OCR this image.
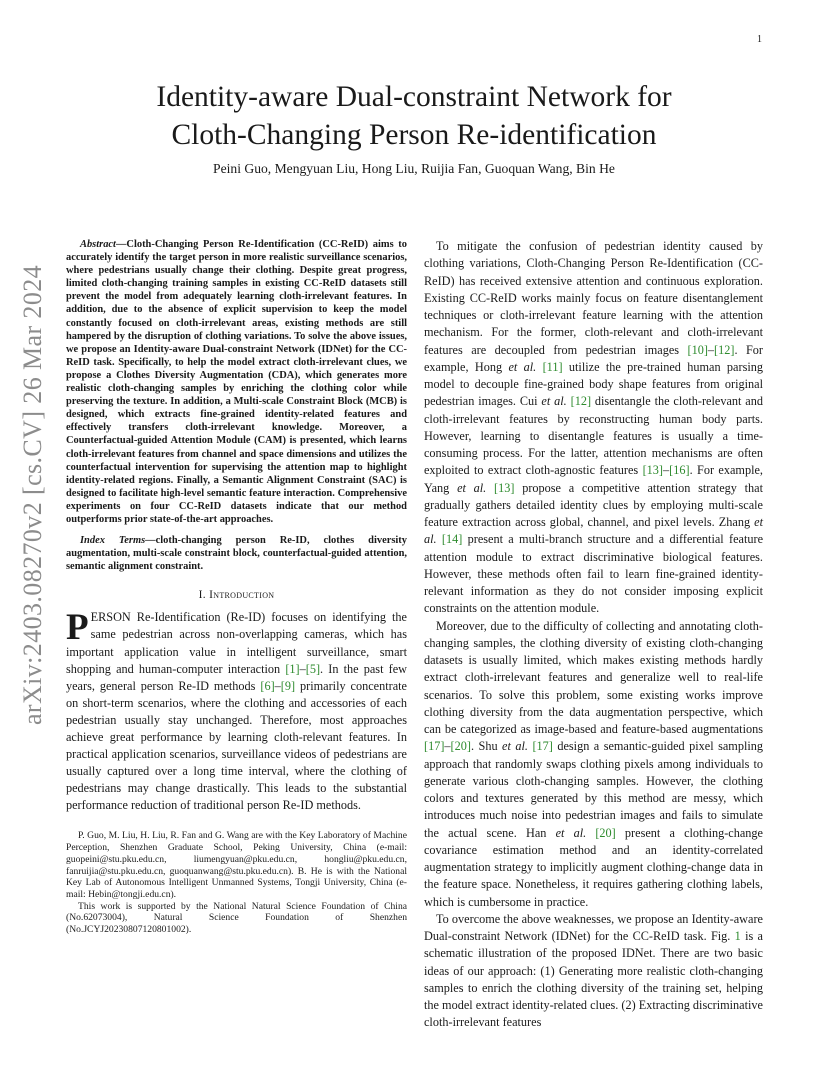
1
Identity-aware Dual-constraint Network for
Cloth-Changing Person Re-identification
Peini Guo, Mengyuan Liu, Hong Liu, Ruijia Fan, Guoquan Wang, Bin He
arXiv:2403.08270v2 [cs.CV] 26 Mar 2024

Abstract—Cloth-Changing Person Re-Identification (CC-ReID) aims to accurately identify the target person in more realistic surveillance scenarios, where pedestrians usually change their clothing. Despite great progress, limited cloth-changing training samples in existing CC-ReID datasets still prevent the model from adequately learning cloth-irrelevant features. In addition, due to the absence of explicit supervision to keep the model constantly focused on cloth-irrelevant areas, existing methods are still hampered by the disruption of clothing variations. To solve the above issues, we propose an Identity-aware Dual-constraint Network (IDNet) for the CC-ReID task. Specifically, to help the model extract cloth-irrelevant clues, we propose a Clothes Diversity Augmentation (CDA), which generates more realistic cloth-changing samples by enriching the clothing color while preserving the texture. In addition, a Multi-scale Constraint Block (MCB) is designed, which extracts fine-grained identity-related features and effectively transfers cloth-irrelevant knowledge. Moreover, a Counterfactual-guided Attention Module (CAM) is presented, which learns cloth-irrelevant features from channel and space dimensions and utilizes the counterfactual intervention for supervising the attention map to highlight identity-related regions. Finally, a Semantic Alignment Constraint (SAC) is designed to facilitate high-level semantic feature interaction. Comprehensive experiments on four CC-ReID datasets indicate that our method outperforms prior state-of-the-art approaches.

Index Terms—cloth-changing person Re-ID, clothes diversity augmentation, multi-scale constraint block, counterfactual-guided attention, semantic alignment constraint.

I. Introduction

PERSON Re-Identification (Re-ID) focuses on identifying the same pedestrian across non-overlapping cameras, which has important application value in intelligent surveillance, smart shopping and human-computer interaction [1]–[5]. In the past few years, general person Re-ID methods [6]–[9] primarily concentrate on short-term scenarios, where the clothing and accessories of each pedestrian usually stay unchanged. Therefore, most approaches achieve great performance by learning cloth-relevant features. In practical application scenarios, surveillance videos of pedestrians are usually captured over a long time interval, where the clothing of pedestrians may change drastically. This leads to the substantial performance reduction of traditional person Re-ID methods.

P. Guo, M. Liu, H. Liu, R. Fan and G. Wang are with the Key Laboratory of Machine Perception, Shenzhen Graduate School, Peking University, China (e-mail: guopeini@stu.pku.edu.cn, liumengyuan@pku.edu.cn, hongliu@pku.edu.cn, fanruijia@stu.pku.edu.cn, guoquanwang@stu.pku.edu.cn). B. He is with the National Key Lab of Autonomous Intelligent Unmanned Systems, Tongji University, China (e-mail: Hebin@tongji.edu.cn).

This work is supported by the National Natural Science Foundation of China (No.62073004), Natural Science Foundation of Shenzhen (No.JCYJ20230807120801002).

To mitigate the confusion of pedestrian identity caused by clothing variations, Cloth-Changing Person Re-Identification (CC-ReID) has received extensive attention and continuous exploration. Existing CC-ReID works mainly focus on feature disentanglement techniques or cloth-irrelevant feature learning with the attention mechanism. For the former, cloth-relevant and cloth-irrelevant features are decoupled from pedestrian images [10]–[12]. For example, Hong et al. [11] utilize the pre-trained human parsing model to decouple fine-grained body shape features from original pedestrian images. Cui et al. [12] disentangle the cloth-relevant and cloth-irrelevant features by reconstructing human body parts. However, learning to disentangle features is usually a time-consuming process. For the latter, attention mechanisms are often exploited to extract cloth-agnostic features [13]–[16]. For example, Yang et al. [13] propose a competitive attention strategy that gradually gathers detailed identity clues by employing multi-scale feature extraction across global, channel, and pixel levels. Zhang et al. [14] present a multi-branch structure and a differential feature attention module to extract discriminative biological features. However, these methods often fail to learn fine-grained identity-relevant information as they do not consider imposing explicit constraints on the attention module.

Moreover, due to the difficulty of collecting and annotating cloth-changing samples, the clothing diversity of existing cloth-changing datasets is usually limited, which makes existing methods hardly extract cloth-irrelevant features and generalize well to real-life scenarios. To solve this problem, some existing works improve clothing diversity from the data augmentation perspective, which can be categorized as image-based and feature-based augmentations [17]–[20]. Shu et al. [17] design a semantic-guided pixel sampling approach that randomly swaps clothing pixels among individuals to generate various cloth-changing samples. However, the clothing colors and textures generated by this method are messy, which introduces much noise into pedestrian images and fails to simulate the actual scene. Han et al. [20] present a clothing-change covariance estimation method and an identity-correlated augmentation strategy to implicitly augment clothing-change data in the feature space. Nonetheless, it requires gathering clothing labels, which is cumbersome in practice.

To overcome the above weaknesses, we propose an Identity-aware Dual-constraint Network (IDNet) for the CC-ReID task. Fig. 1 is a schematic illustration of the proposed IDNet. There are two basic ideas of our approach: (1) Generating more realistic cloth-changing samples to enrich the clothing diversity of the training set, helping the model extract identity-related clues. (2) Extracting discriminative cloth-irrelevant features
